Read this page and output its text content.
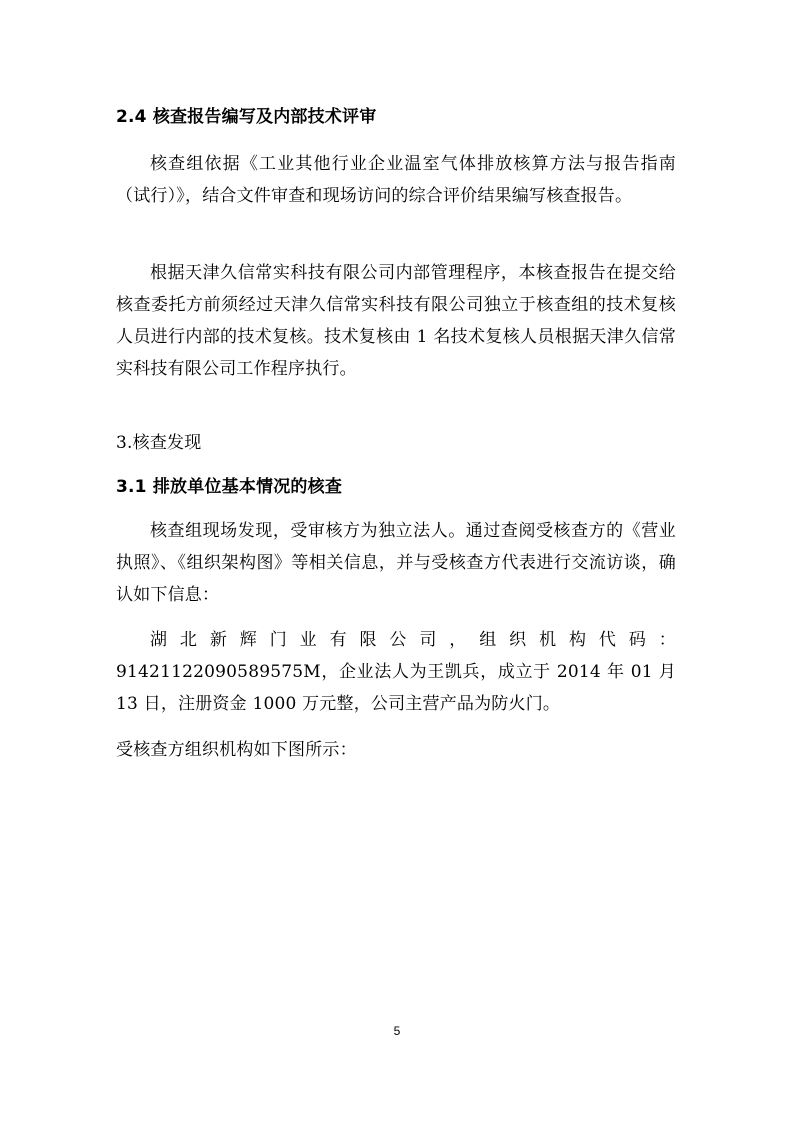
2.4 核查报告编写及内部技术评审

核查组依据《工业其他行业企业温室气体排放核算方法与报告指南（试行）》，结合文件审查和现场访问的综合评价结果编写核查报告。

根据天津久信常实科技有限公司内部管理程序，本核查报告在提交给核查委托方前须经过天津久信常实科技有限公司独立于核查组的技术复核人员进行内部的技术复核。技术复核由 1 名技术复核人员根据天津久信常实科技有限公司工作程序执行。

3.核查发现
3.1 排放单位基本情况的核查

核查组现场发现，受审核方为独立法人。通过查阅受核查方的《营业执照》、《组织架构图》等相关信息，并与受核查方代表进行交流访谈，确认如下信息：

湖北新辉门业有限公司，组织机构代码：91421122090589575M，企业法人为王凯兵，成立于 2014 年 01 月 13 日，注册资金 1000 万元整，公司主营产品为防火门。

受核查方组织机构如下图所示：

5
